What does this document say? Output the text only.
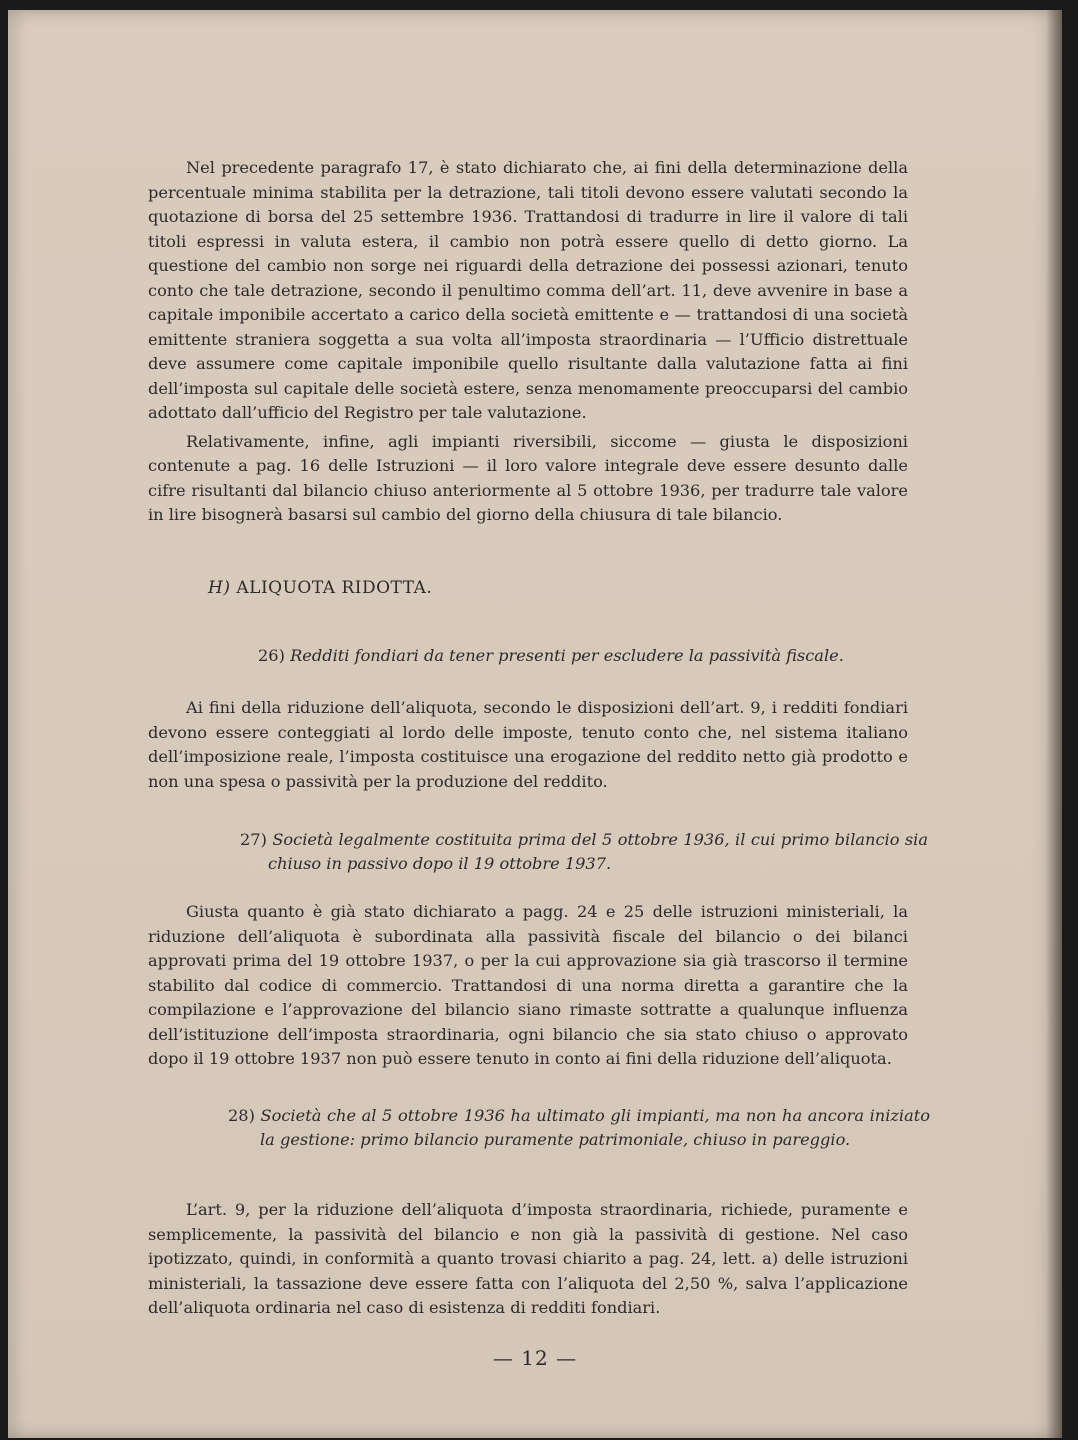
Nel precedente paragrafo 17, è stato dichiarato che, ai fini della determinazione della percentuale minima stabilita per la detrazione, tali titoli devono essere valutati secondo la quotazione di borsa del 25 settembre 1936. Trattandosi di tradurre in lire il valore di tali titoli espressi in valuta estera, il cambio non potrà essere quello di detto giorno. La questione del cambio non sorge nei riguardi della detrazione dei possessi azionari, tenuto conto che tale detrazione, secondo il penultimo comma dell’art. 11, deve avvenire in base a capitale imponibile accertato a carico della società emittente e — trattandosi di una società emittente straniera soggetta a sua volta all’imposta straordinaria — l’Ufficio distrettuale deve assumere come capitale imponibile quello risultante dalla valutazione fatta ai fini dell’imposta sul capitale delle società estere, senza menomamente preoccuparsi del cambio adottato dall’ufficio del Registro per tale valutazione.

Relativamente, infine, agli impianti riversibili, siccome — giusta le disposizioni contenute a pag. 16 delle Istruzioni — il loro valore integrale deve essere desunto dalle cifre risultanti dal bilancio chiuso anteriormente al 5 ottobre 1936, per tradurre tale valore in lire bisognerà basarsi sul cambio del giorno della chiusura di tale bilancio.

H) ALIQUOTA RIDOTTA.
26) Redditi fondiari da tener presenti per escludere la passività fiscale.

Ai fini della riduzione dell’aliquota, secondo le disposizioni dell’art. 9, i redditi fondiari devono essere conteggiati al lordo delle imposte, tenuto conto che, nel sistema italiano dell’imposizione reale, l’imposta costituisce una erogazione del reddito netto già prodotto e non una spesa o passività per la produzione del reddito.

27) Società legalmente costituita prima del 5 ottobre 1936, il cui primo bilancio sia chiuso in passivo dopo il 19 ottobre 1937.

Giusta quanto è già stato dichiarato a pagg. 24 e 25 delle istruzioni ministeriali, la riduzione dell’aliquota è subordinata alla passività fiscale del bilancio o dei bilanci approvati prima del 19 ottobre 1937, o per la cui approvazione sia già trascorso il termine stabilito dal codice di commercio. Trattandosi di una norma diretta a garantire che la compilazione e l’approvazione del bilancio siano rimaste sottratte a qualunque influenza dell’istituzione dell’imposta straordinaria, ogni bilancio che sia stato chiuso o approvato dopo il 19 ottobre 1937 non può essere tenuto in conto ai fini della riduzione dell’aliquota.

28) Società che al 5 ottobre 1936 ha ultimato gli impianti, ma non ha ancora iniziato la gestione: primo bilancio puramente patrimoniale, chiuso in pareggio.

L’art. 9, per la riduzione dell’aliquota d’imposta straordinaria, richiede, puramente e semplicemente, la passività del bilancio e non già la passività di gestione. Nel caso ipotizzato, quindi, in conformità a quanto trovasi chiarito a pag. 24, lett. a) delle istruzioni ministeriali, la tassazione deve essere fatta con l’aliquota del 2,50 %, salva l’applicazione dell’aliquota ordinaria nel caso di esistenza di redditi fondiari.

— 12 —
